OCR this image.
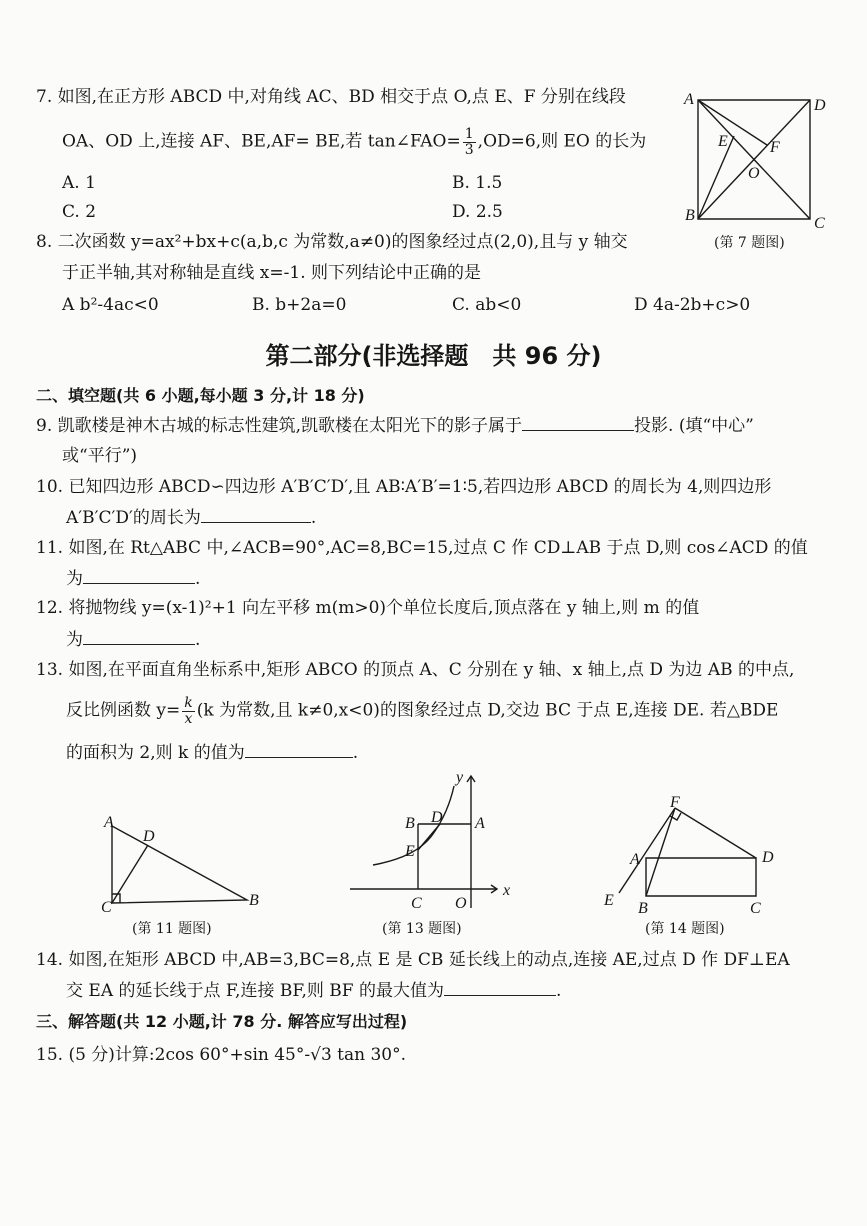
7. 如图,在正方形 ABCD 中,对角线 AC、BD 相交于点 O,点 E、F 分别在线段
OA、OD 上,连接 AF、BE,AF= BE,若 tan∠FAO= $\frac{1}{3} ,OD=6$,则 EO 的长为
A. 1	B. 1.5
C. 2	D. 2.5
A	D
B	C
E	F
O
(第 7 题图)
8. 二次函数 y=ax²+bx+c(a,b,c 为常数,a≠0)的图象经过点(2,0),且与 y 轴交
于正半轴,其对称轴是直线 x=-1. 则下列结论中正确的是
A b²-4ac<0	B. b+2a=0	C. ab<0	D 4a-2b+c>0
第二部分(非选择题　共 96 分)
二、填空题(共 6 小题,每小题 3 分,计 18 分)
9. 凯歌楼是神木古城的标志性建筑,凯歌楼在太阳光下的影子属于	投影. (填“中心”
或“平行”)
10. 已知四边形 ABCD∽四边形 A′B′C′D′,且 AB∶A′B′=1∶5,若四边形 ABCD 的周长为 4,则四边形
A′B′C′D′的周长为	.
11. 如图,在 Rt△ABC 中,∠ACB=90°,AC=8,BC=15,过点 C 作 CD⊥AB 于点 D,则 cos∠ACD 的值
为	.
12. 将抛物线 y=(x-1)²+1 向左平移 m(m>0)个单位长度后,顶点落在 y 轴上,则 m 的值
为	.
13. 如图,在平面直角坐标系中,矩形 ABCO 的顶点 A、C 分别在 y 轴、x 轴上,点 D 为边 AB 的中点,
反比例函数 $y= \frac{k}{x} (k$ 为常数,且 k≠0,x<0)的图象经过点 D,交边 BC 于点 E,连接 DE. 若△BDE
的面积为 2,则 k 的值为	.
A
D
C	B
(第 11 题图)
y
x
B D A
E
C O
(第 13 题图)
F
A	D
E B	C
(第 14 题图)
14. 如图,在矩形 ABCD 中,AB=3,BC=8,点 E 是 CB 延长线上的动点,连接 AE,过点 D 作 DF⊥EA
交 EA 的延长线于点 F,连接 BF,则 BF 的最大值为	.
三、解答题(共 12 小题,计 78 分. 解答应写出过程)
15. (5 分)计算:2cos 60°+sin 45°-√3 tan 30°.
